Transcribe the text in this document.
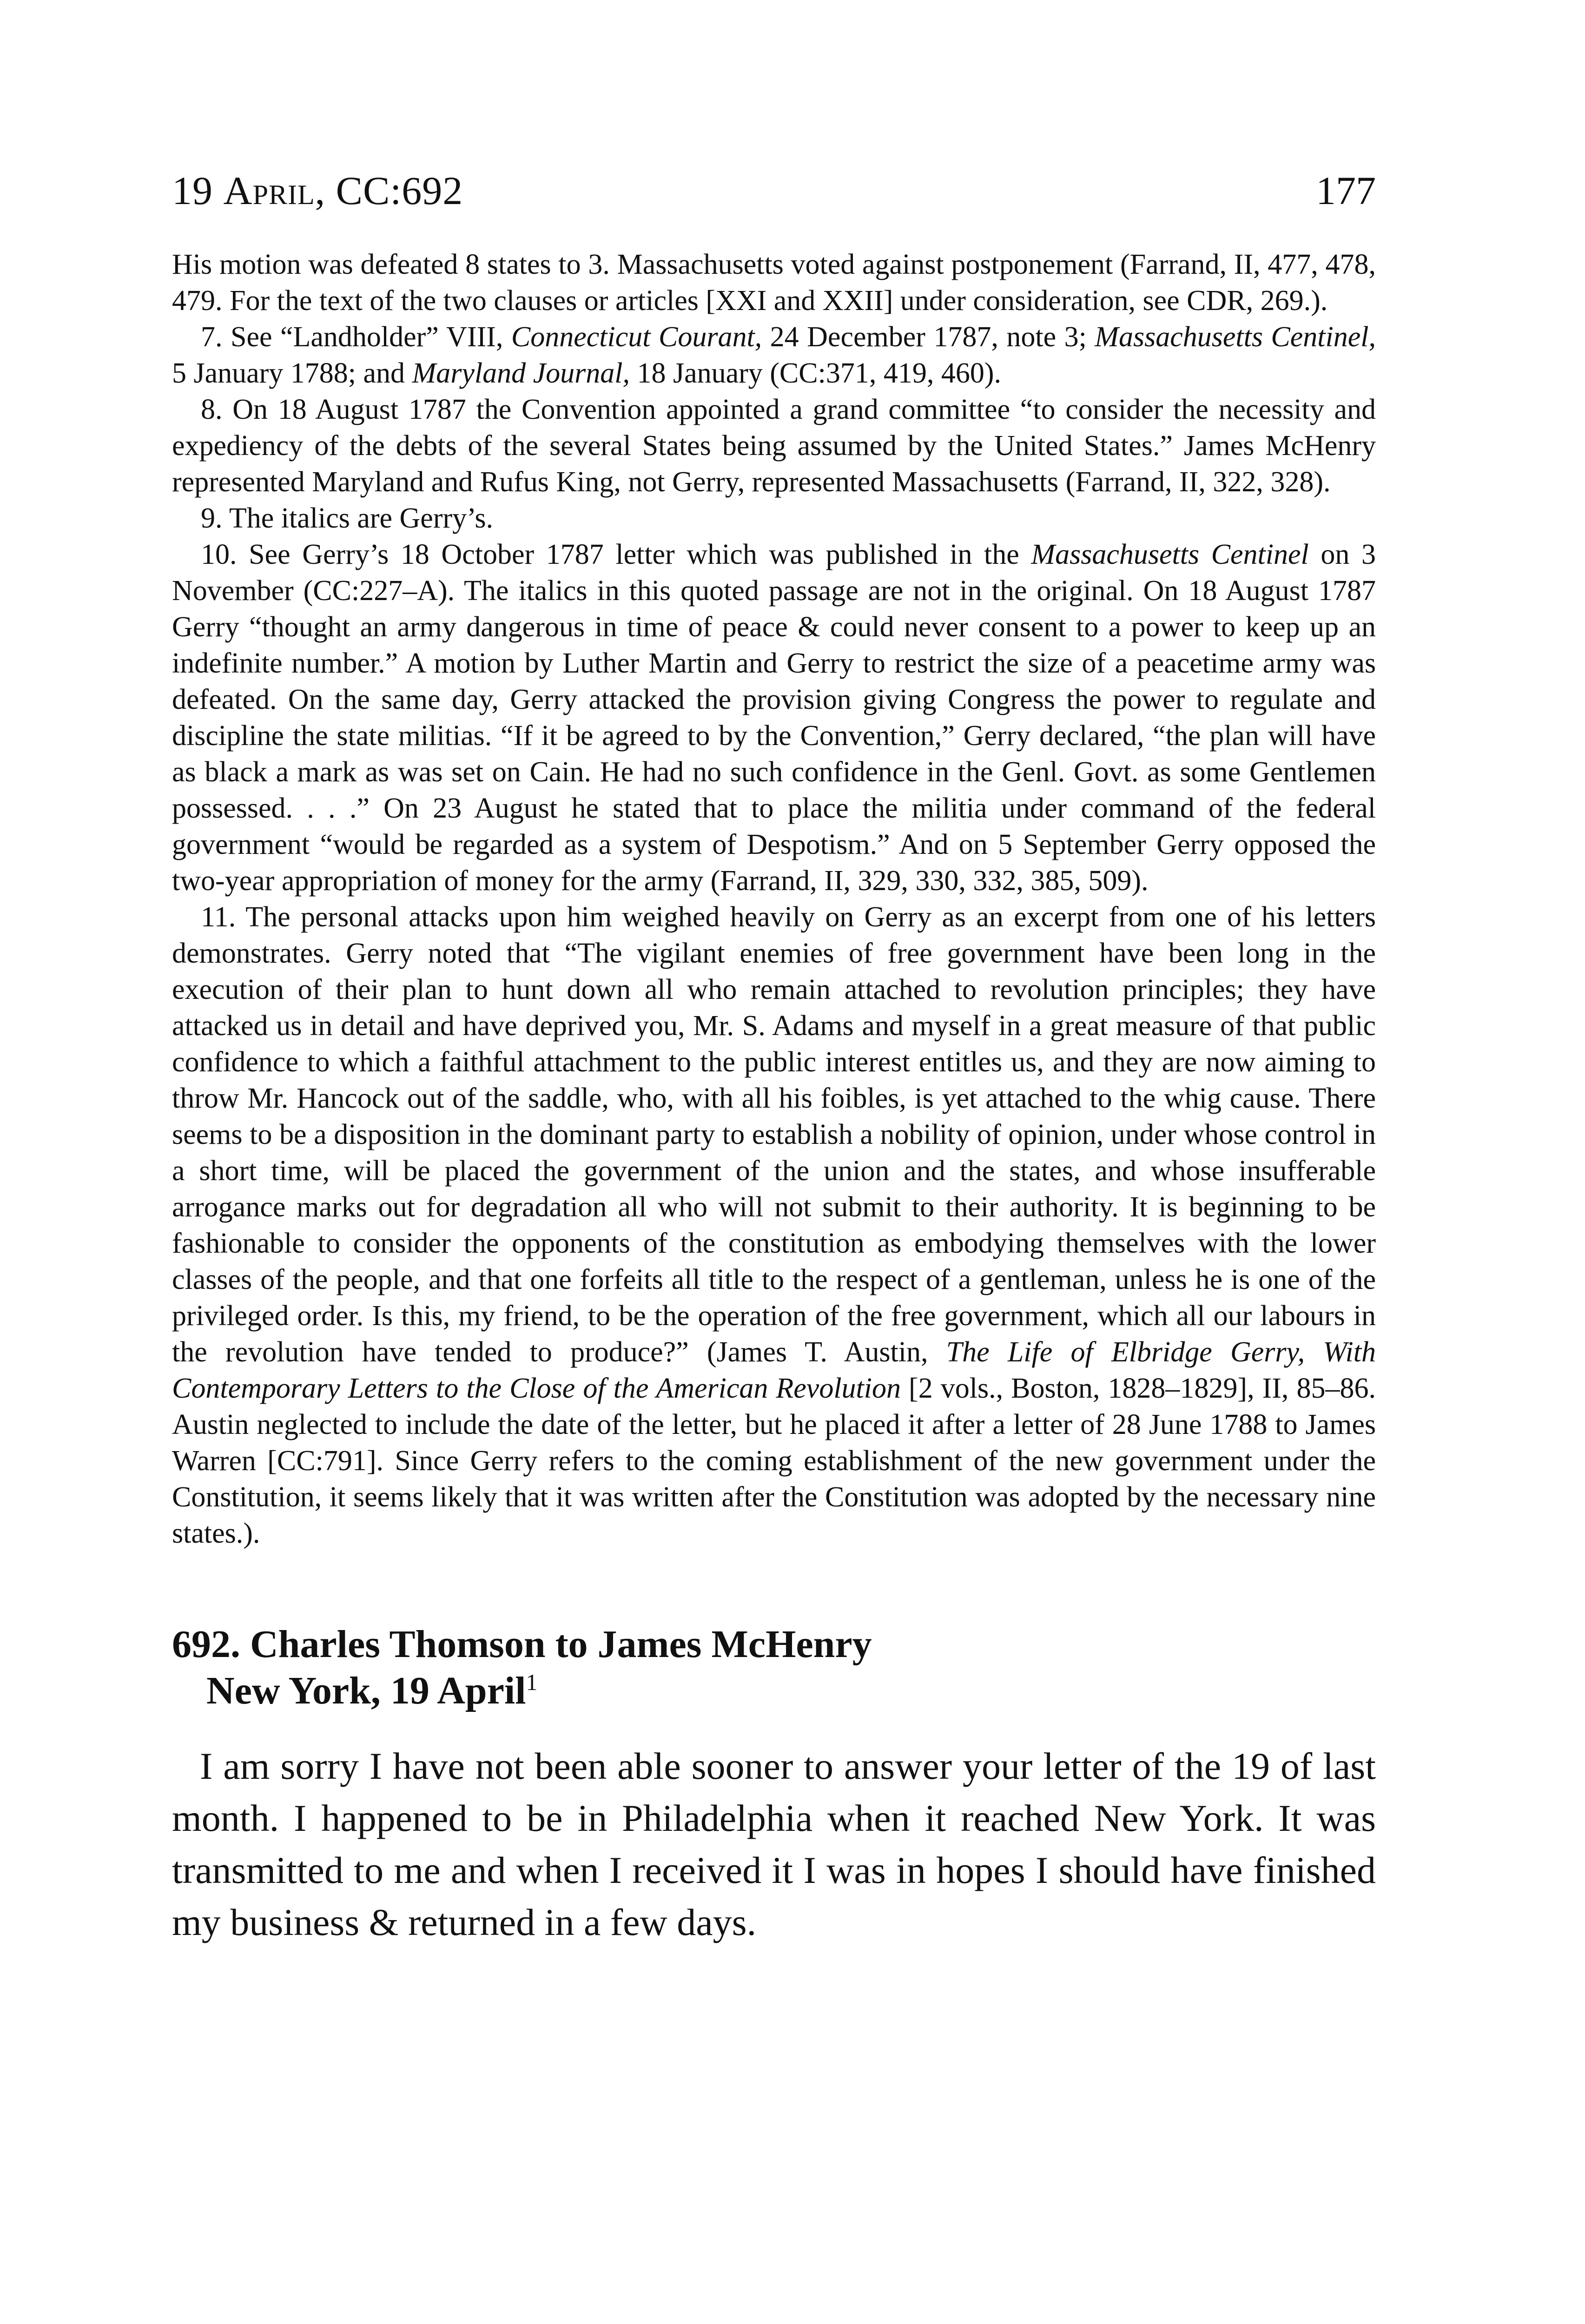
19 April, CC:692	177

His motion was defeated 8 states to 3. Massachusetts voted against postponement (Farrand, II, 477, 478, 479. For the text of the two clauses or articles [XXI and XXII] under consideration, see CDR, 269.).

7. See “Landholder” VIII, Connecticut Courant, 24 December 1787, note 3; Massachusetts Centinel, 5 January 1788; and Maryland Journal, 18 January (CC:371, 419, 460).

8. On 18 August 1787 the Convention appointed a grand committee “to consider the necessity and expediency of the debts of the several States being assumed by the United States.” James McHenry represented Maryland and Rufus King, not Gerry, represented Massachusetts (Farrand, II, 322, 328).

9. The italics are Gerry’s.

10. See Gerry’s 18 October 1787 letter which was published in the Massachusetts Centinel on 3 November (CC:227–A). The italics in this quoted passage are not in the original. On 18 August 1787 Gerry “thought an army dangerous in time of peace & could never consent to a power to keep up an indefinite number.” A motion by Luther Martin and Gerry to restrict the size of a peacetime army was defeated. On the same day, Gerry attacked the provision giving Congress the power to regulate and discipline the state militias. “If it be agreed to by the Convention,” Gerry declared, “the plan will have as black a mark as was set on Cain. He had no such confidence in the Genl. Govt. as some Gentlemen possessed. . . .” On 23 August he stated that to place the militia under command of the federal government “would be regarded as a system of Despotism.” And on 5 September Gerry opposed the two-year appropriation of money for the army (Farrand, II, 329, 330, 332, 385, 509).

11. The personal attacks upon him weighed heavily on Gerry as an excerpt from one of his letters demonstrates. Gerry noted that “The vigilant enemies of free government have been long in the execution of their plan to hunt down all who remain attached to revolution principles; they have attacked us in detail and have deprived you, Mr. S. Adams and myself in a great measure of that public confidence to which a faithful attachment to the public interest entitles us, and they are now aiming to throw Mr. Hancock out of the saddle, who, with all his foibles, is yet attached to the whig cause. There seems to be a disposition in the dominant party to establish a nobility of opinion, under whose control in a short time, will be placed the government of the union and the states, and whose insufferable arrogance marks out for degradation all who will not submit to their authority. It is beginning to be fashionable to consider the opponents of the constitution as embodying themselves with the lower classes of the people, and that one forfeits all title to the respect of a gentleman, unless he is one of the privileged order. Is this, my friend, to be the operation of the free government, which all our labours in the revolution have tended to produce?” (James T. Austin, The Life of Elbridge Gerry, With Contemporary Letters to the Close of the American Revolution [2 vols., Boston, 1828–1829], II, 85–86. Austin neglected to include the date of the letter, but he placed it after a letter of 28 June 1788 to James Warren [CC:791]. Since Gerry refers to the coming establishment of the new government under the Constitution, it seems likely that it was written after the Constitution was adopted by the necessary nine states.).

692. Charles Thomson to James McHenry
New York, 19 April$^1$

I am sorry I have not been able sooner to answer your letter of the 19 of last month. I happened to be in Philadelphia when it reached New York. It was transmitted to me and when I received it I was in hopes I should have finished my business & returned in a few days.
